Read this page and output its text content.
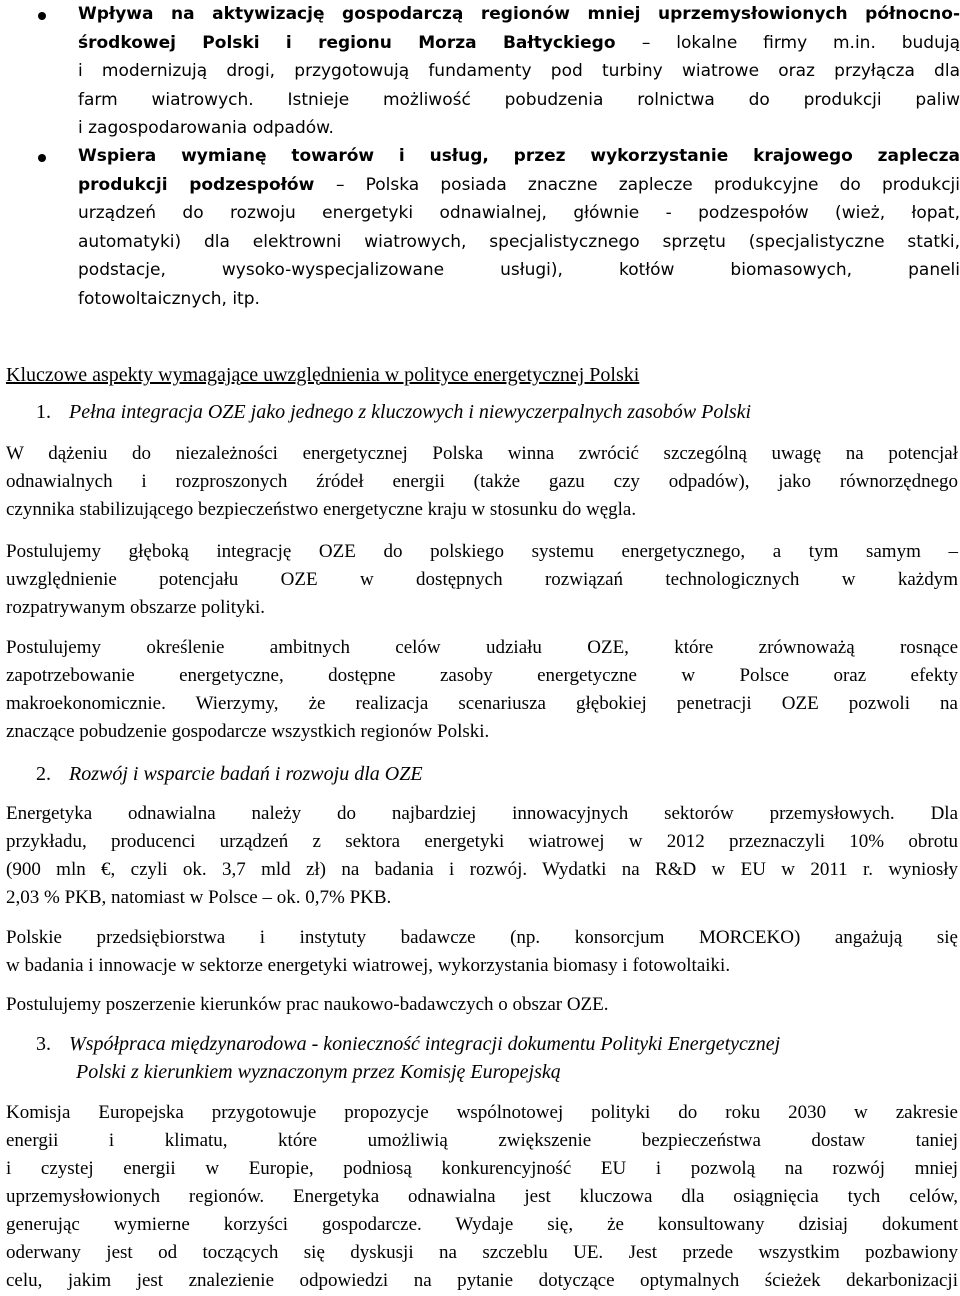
Wpływa na aktywizację gospodarczą regionów mniej uprzemysłowionych północno-
środkowej Polski i regionu Morza Bałtyckiego – lokalne firmy m.in. budują
i modernizują drogi, przygotowują fundamenty pod turbiny wiatrowe oraz przyłącza dla
farm wiatrowych. Istnieje możliwość pobudzenia rolnictwa do produkcji paliw
i zagospodarowania odpadów.
Wspiera wymianę towarów i usług, przez wykorzystanie krajowego zaplecza
produkcji podzespołów – Polska posiada znaczne zaplecze produkcyjne do produkcji
urządzeń do rozwoju energetyki odnawialnej, głównie - podzespołów (wież, łopat,
automatyki) dla elektrowni wiatrowych, specjalistycznego sprzętu (specjalistyczne statki,
podstacje, wysoko-wyspecjalizowane usługi), kotłów biomasowych, paneli
fotowoltaicznych, itp.
Kluczowe aspekty wymagające uwzględnienia w polityce energetycznej Polski
1. Pełna integracja OZE jako jednego z kluczowych i niewyczerpalnych zasobów Polski
W dążeniu do niezależności energetycznej Polska winna zwrócić szczególną uwagę na potencjał
odnawialnych i rozproszonych źródeł energii (także gazu czy odpadów), jako równorzędnego
czynnika stabilizującego bezpieczeństwo energetyczne kraju w stosunku do węgla.
Postulujemy głęboką integrację OZE do polskiego systemu energetycznego, a tym samym –
uwzględnienie potencjału OZE w dostępnych rozwiązań technologicznych w każdym
rozpatrywanym obszarze polityki.
Postulujemy określenie ambitnych celów udziału OZE, które zrównoważą rosnące
zapotrzebowanie energetyczne, dostępne zasoby energetyczne w Polsce oraz efekty
makroekonomicznie. Wierzymy, że realizacja scenariusza głębokiej penetracji OZE pozwoli na
znaczące pobudzenie gospodarcze wszystkich regionów Polski.
2. Rozwój i wsparcie badań i rozwoju dla OZE
Energetyka odnawialna należy do najbardziej innowacyjnych sektorów przemysłowych. Dla
przykładu, producenci urządzeń z sektora energetyki wiatrowej w 2012 przeznaczyli 10% obrotu
(900 mln €, czyli ok. 3,7 mld zł) na badania i rozwój. Wydatki na R&D w EU w 2011 r. wyniosły
2,03 % PKB, natomiast w Polsce – ok. 0,7% PKB.
Polskie przedsiębiorstwa i instytuty badawcze (np. konsorcjum MORCEKO) angażują się
w badania i innowacje w sektorze energetyki wiatrowej, wykorzystania biomasy i fotowoltaiki.
Postulujemy poszerzenie kierunków prac naukowo-badawczych o obszar OZE.
3. Współpraca międzynarodowa - konieczność integracji dokumentu Polityki Energetycznej
Polski z kierunkiem wyznaczonym przez Komisję Europejską
Komisja Europejska przygotowuje propozycje wspólnotowej polityki do roku 2030 w zakresie
energii i klimatu, które umożliwią zwiększenie bezpieczeństwa dostaw taniej
i czystej energii w Europie, podniosą konkurencyjność EU i pozwolą na rozwój mniej
uprzemysłowionych regionów. Energetyka odnawialna jest kluczowa dla osiągnięcia tych celów,
generując wymierne korzyści gospodarcze. Wydaje się, że konsultowany dzisiaj dokument
oderwany jest od toczących się dyskusji na szczeblu UE. Jest przede wszystkim pozbawiony
celu, jakim jest znalezienie odpowiedzi na pytanie dotyczące optymalnych ścieżek dekarbonizacji
